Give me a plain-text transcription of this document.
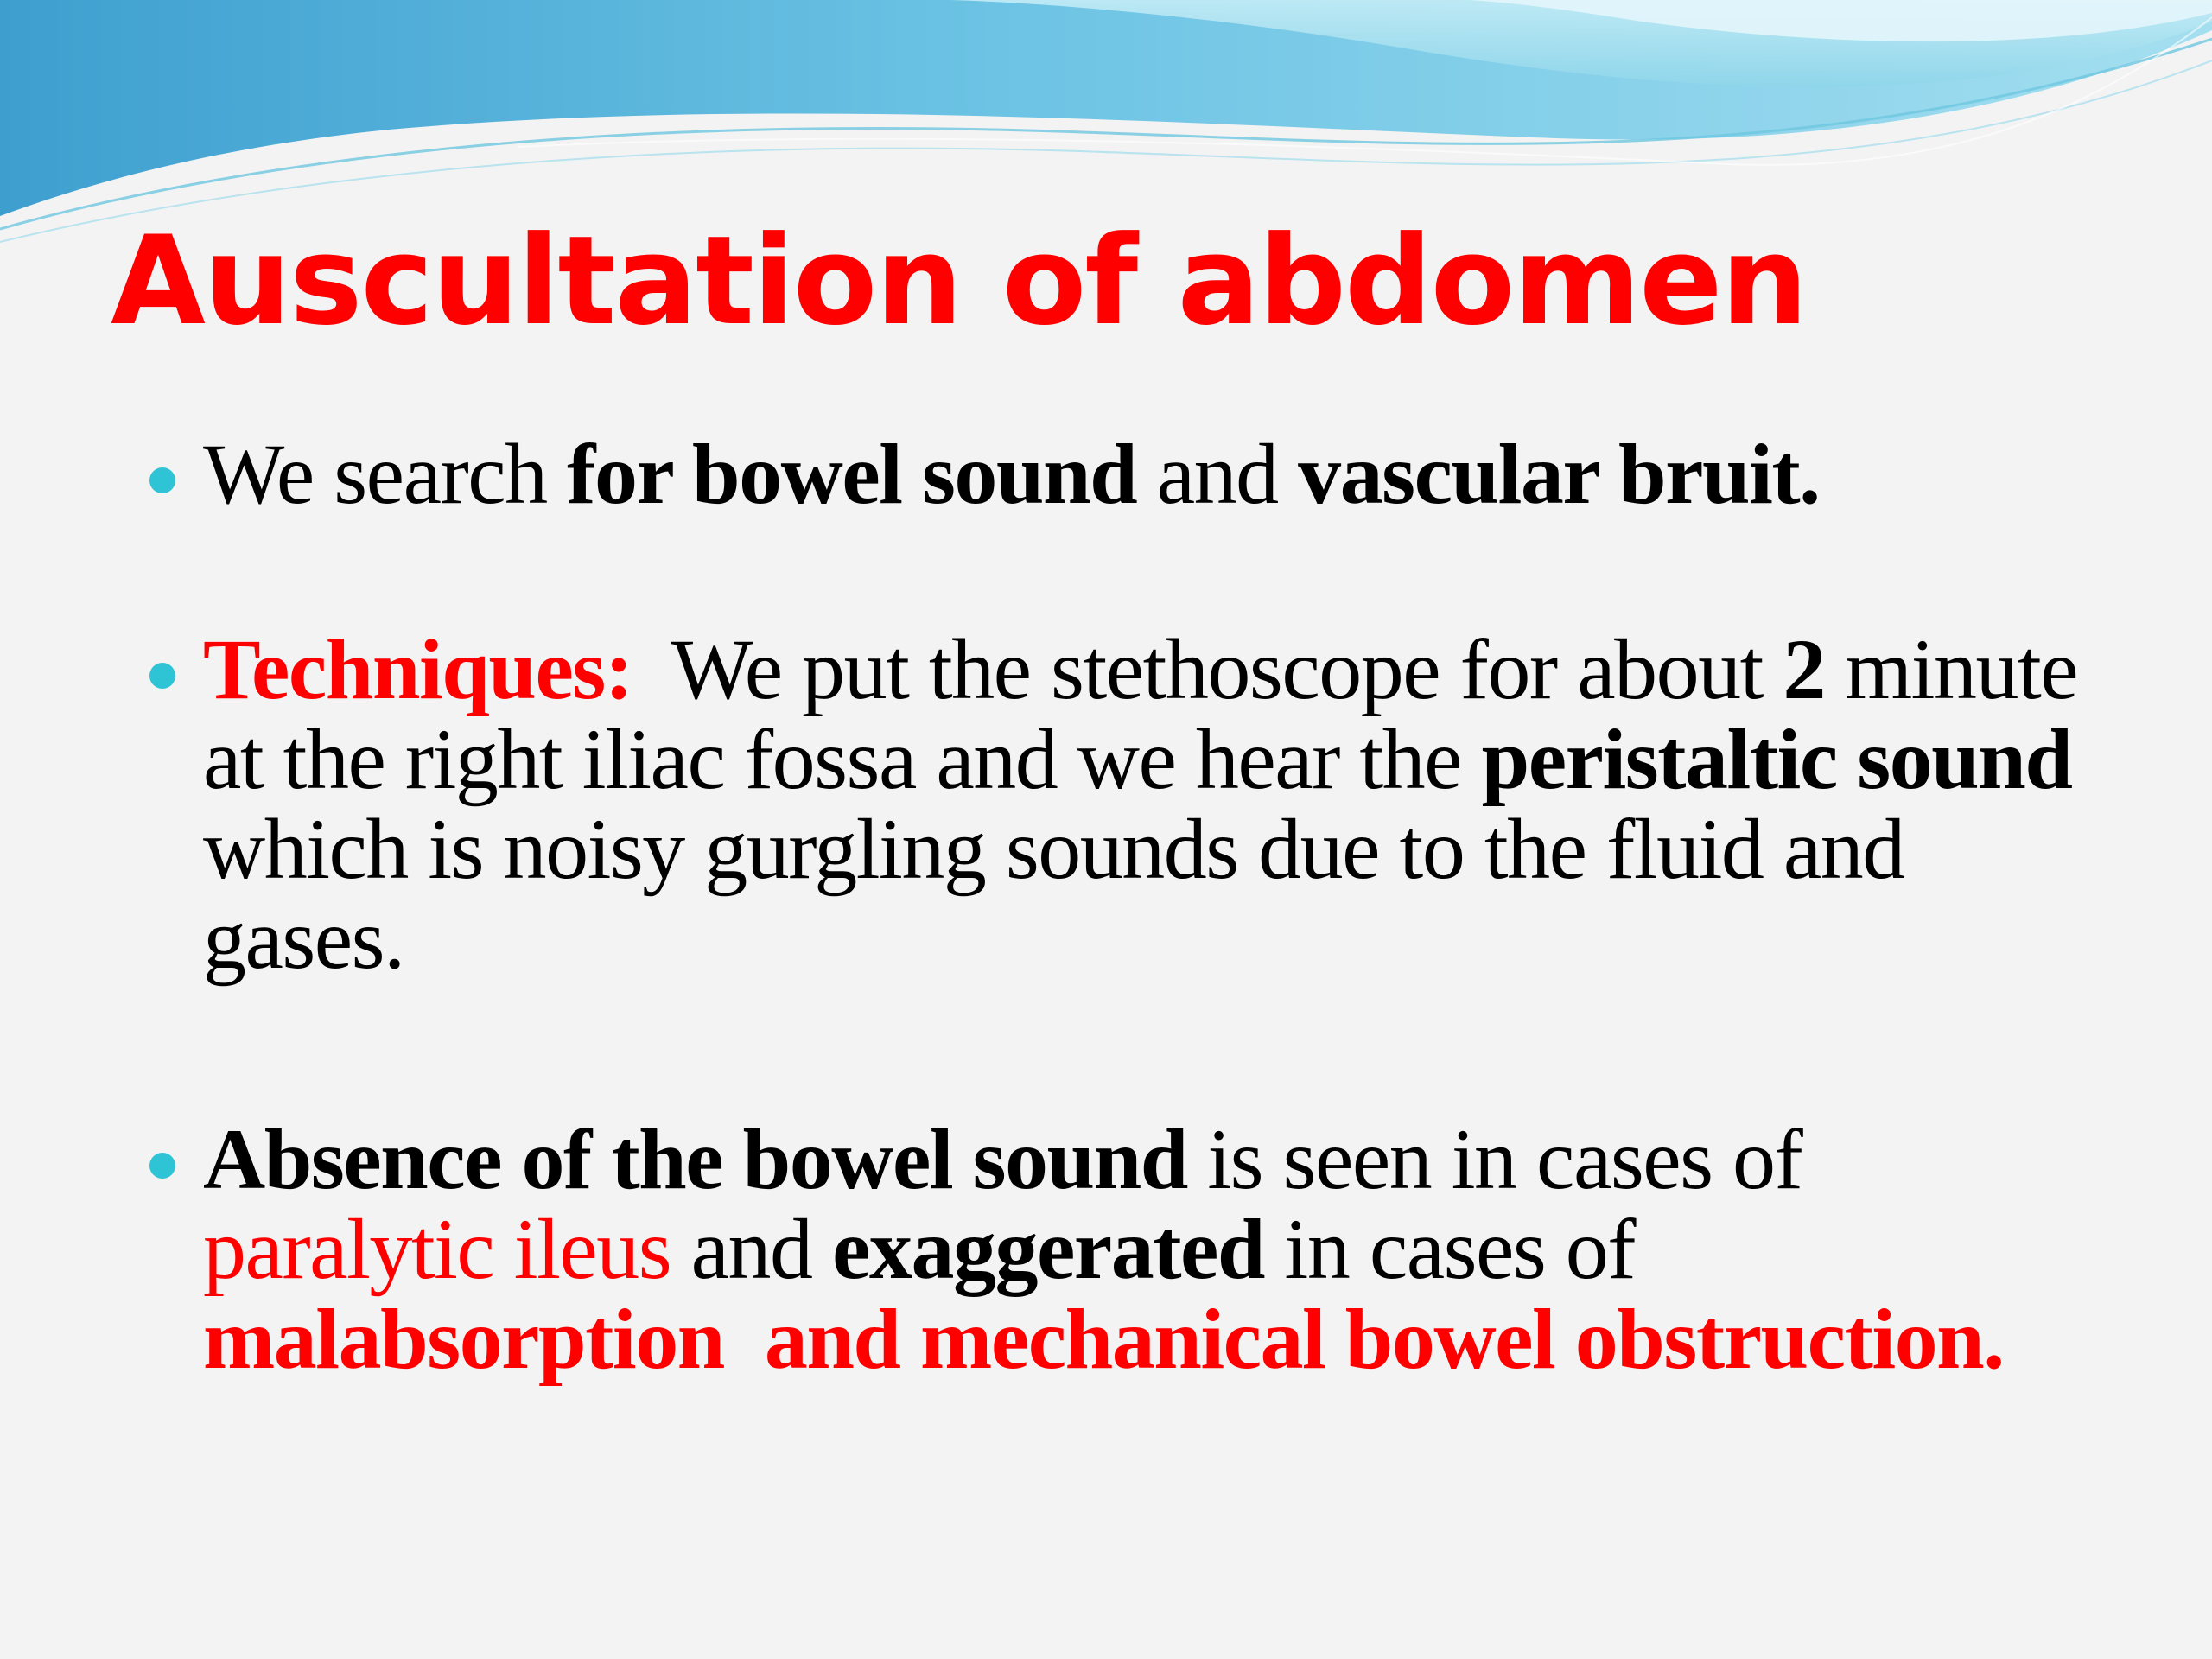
Auscultation of abdomen
We search for bowel sound and vascular bruit.
Techniques:  We put the stethoscope for about 2 minute at the right iliac fossa and we hear the peristaltic sound which is noisy gurgling sounds due to the fluid and gases.
Absence of the bowel sound is seen in cases of paralytic ileus and exaggerated in cases of malabsorption  and mechanical bowel obstruction.
